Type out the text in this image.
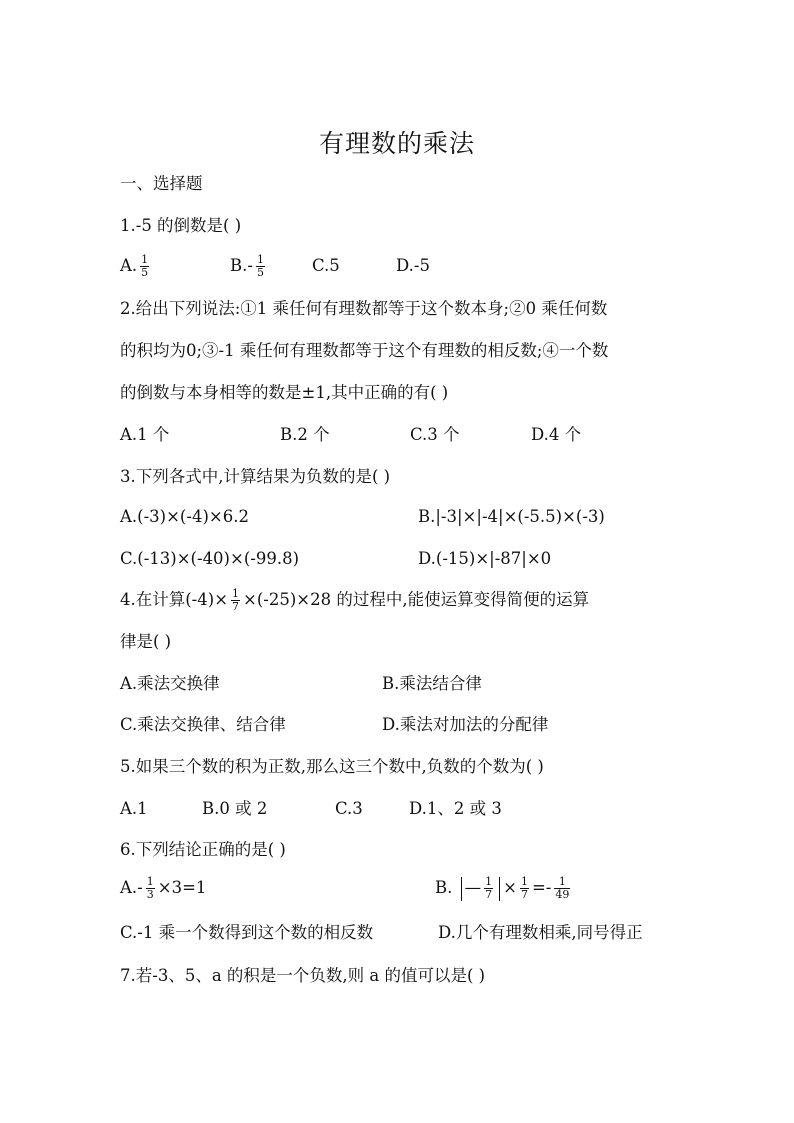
有理数的乘法
一、选择题
1.-5 的倒数是( )
A. $\frac{1}{5}$	$B.- \frac{1}{5}$	C.5	D.-5
2.给出下列说法:①1 乘任何有理数都等于这个数本身;②0 乘任何数
的积均为0;③-1 乘任何有理数都等于这个有理数的相反数;④一个数
的倒数与本身相等的数是±1,其中正确的有( )
A.1 个	B.2 个	C.3 个	D.4 个
3.下列各式中,计算结果为负数的是( )
A.(-3)×(-4)×6.2	B.|-3|×|-4|×(-5.5)×(-3)
C.(-13)×(-40)×(-99.8)	D.(-15)×|-87|×0
4.在计算$(-4)\times \frac{1}{7} \times(-25)\times 28$ 的过程中,能使运算变得简便的运算
律是( )
A.乘法交换律	B.乘法结合律
C.乘法交换律、结合律	D.乘法对加法的分配律
5.如果三个数的积为正数,那么这三个数中,负数的个数为( )
A.1	B.0 或 2	C.3	D.1、2 或 3
6.下列结论正确的是( )
$A.- \frac{1}{3} \times 3=1$	B. — $\frac{1}{7} \times \frac{1}{7} =- \frac{1}{49}$
C.-1 乘一个数得到这个数的相反数	D.几个有理数相乘,同号得正
7.若-3、5、a 的积是一个负数,则 a 的值可以是( )
